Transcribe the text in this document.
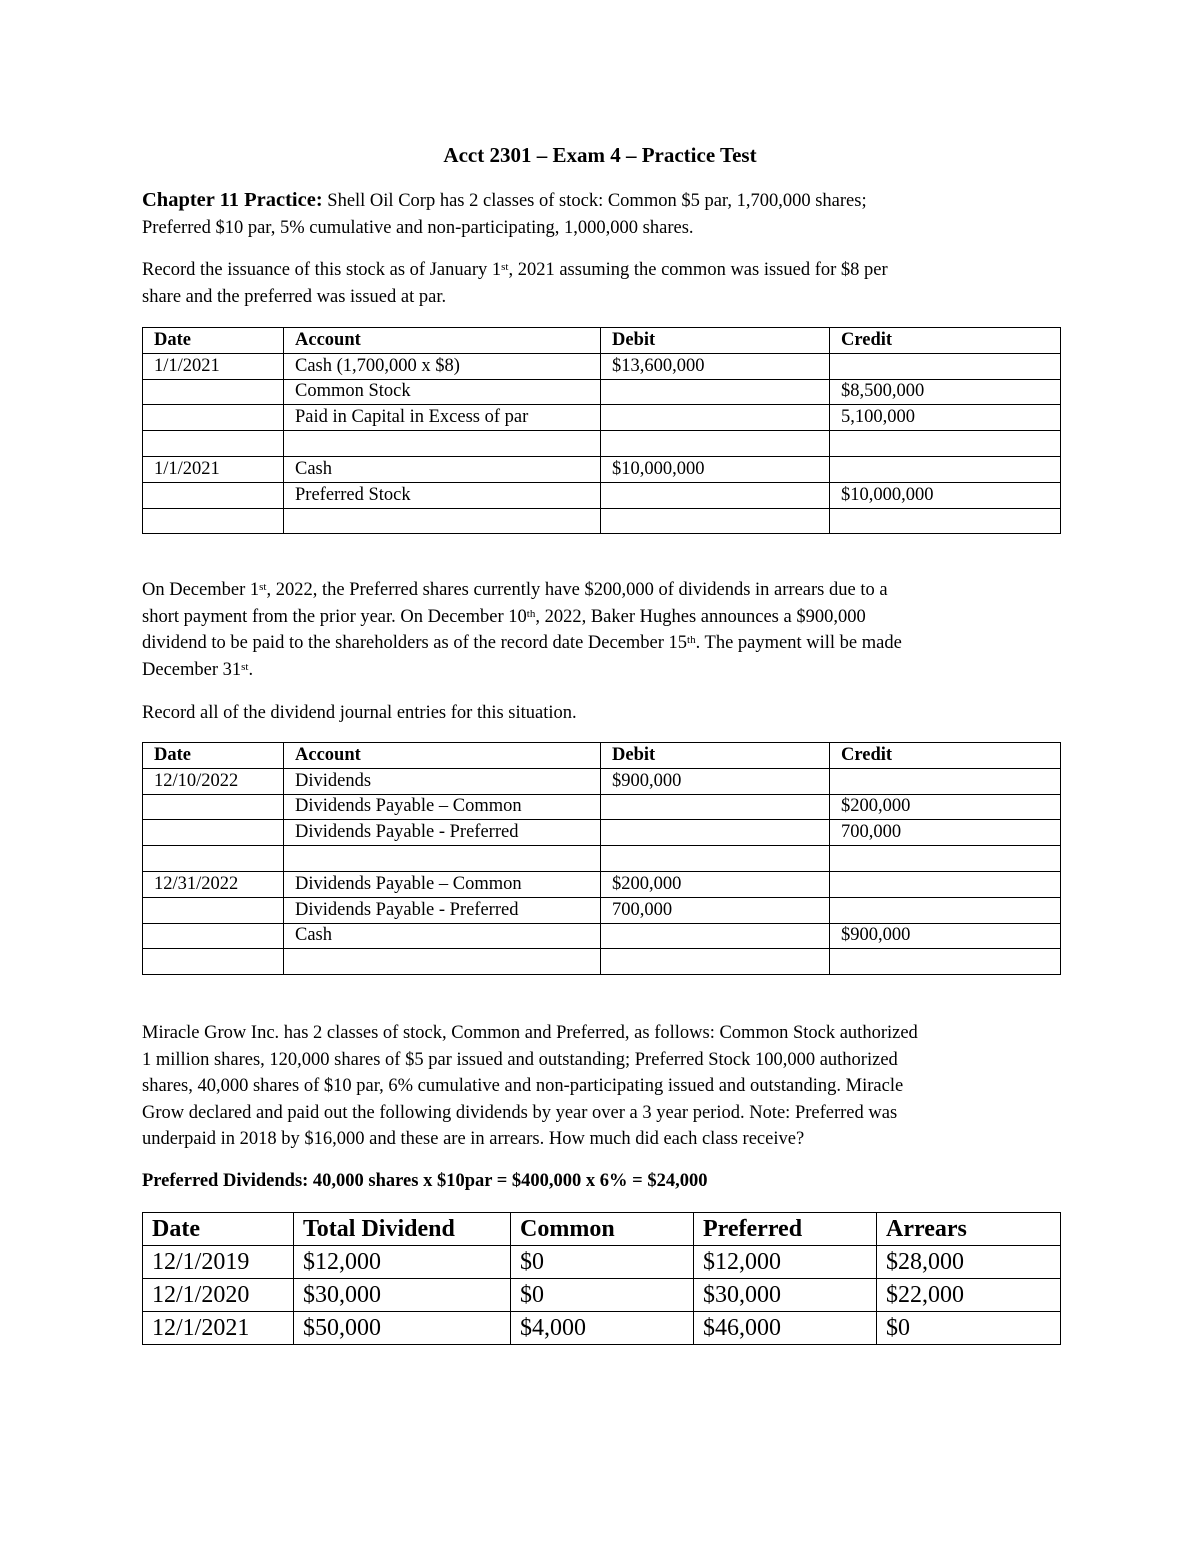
Acct 2301 – Exam 4 – Practice Test

Chapter 11 Practice: Shell Oil Corp has 2 classes of stock: Common $5 par, 1,700,000 shares;

Preferred $10 par, 5% cumulative and non-participating, 1,000,000 shares.

Record the issuance of this stock as of January 1st, 2021 assuming the common was issued for $8 per

share and the preferred was issued at par.

Date	Account	Debit	Credit
1/1/2021	Cash (1,700,000 x $8)	$13,600,000	
	Common Stock		$8,500,000
	Paid in Capital in Excess of par		5,100,000

1/1/2021	Cash	$10,000,000	
	Preferred Stock		$10,000,000

On December 1st, 2022, the Preferred shares currently have $200,000 of dividends in arrears due to a

short payment from the prior year. On December 10th, 2022, Baker Hughes announces a $900,000

dividend to be paid to the shareholders as of the record date December 15th. The payment will be made

December 31st.

Record all of the dividend journal entries for this situation.

Date	Account	Debit	Credit
12/10/2022	Dividends	$900,000	
	Dividends Payable – Common		$200,000
	Dividends Payable - Preferred		700,000

12/31/2022	Dividends Payable – Common	$200,000	
	Dividends Payable - Preferred	700,000	
	Cash		$900,000

Miracle Grow Inc. has 2 classes of stock, Common and Preferred, as follows: Common Stock authorized

1 million shares, 120,000 shares of $5 par issued and outstanding; Preferred Stock 100,000 authorized

shares, 40,000 shares of $10 par, 6% cumulative and non-participating issued and outstanding. Miracle

Grow declared and paid out the following dividends by year over a 3 year period. Note: Preferred was

underpaid in 2018 by $16,000 and these are in arrears. How much did each class receive?

Preferred Dividends: 40,000 shares x $10par = $400,000 x 6% = $24,000

Date	Total Dividend	Common	Preferred	Arrears
12/1/2019	$12,000	$0	$12,000	$28,000
12/1/2020	$30,000	$0	$30,000	$22,000
12/1/2021	$50,000	$4,000	$46,000	$0
